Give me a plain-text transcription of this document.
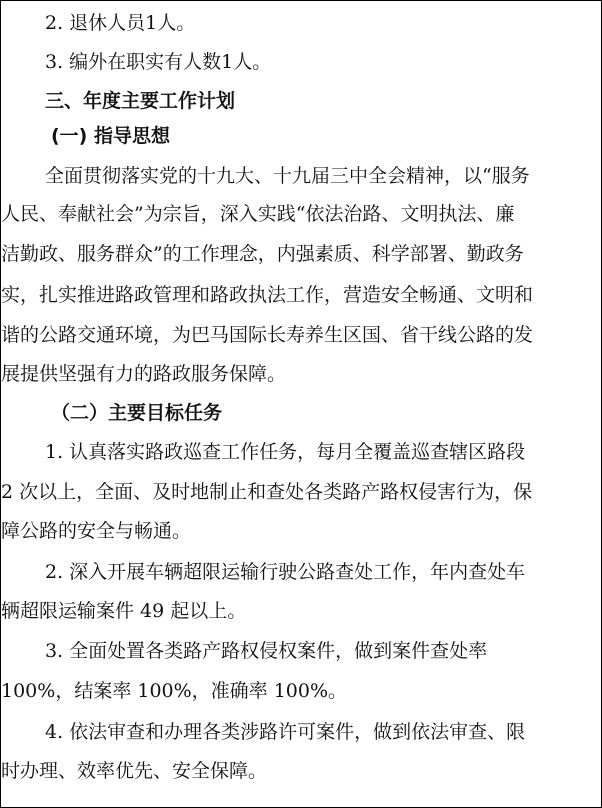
2. 退休人员1人。
3. 编外在职实有人数1人。
三、年度主要工作计划
(一) 指导思想
全面贯彻落实党的十九大、十九届三中全会精神，以“服务
人民、奉献社会”为宗旨，深入实践“依法治路、文明执法、廉
洁勤政、服务群众”的工作理念，内强素质、科学部署、勤政务
实，扎实推进路政管理和路政执法工作，营造安全畅通、文明和
谐的公路交通环境，为巴马国际长寿养生区国、省干线公路的发
展提供坚强有力的路政服务保障。
（二）主要目标任务
1. 认真落实路政巡查工作任务，每月全覆盖巡查辖区路段
2 次以上，全面、及时地制止和查处各类路产路权侵害行为，保
障公路的安全与畅通。
2. 深入开展车辆超限运输行驶公路查处工作，年内查处车
辆超限运输案件 49 起以上。
3. 全面处置各类路产路权侵权案件，做到案件查处率
100%，结案率 100%，准确率 100%。
4. 依法审查和办理各类涉路许可案件，做到依法审查、限
时办理、效率优先、安全保障。
